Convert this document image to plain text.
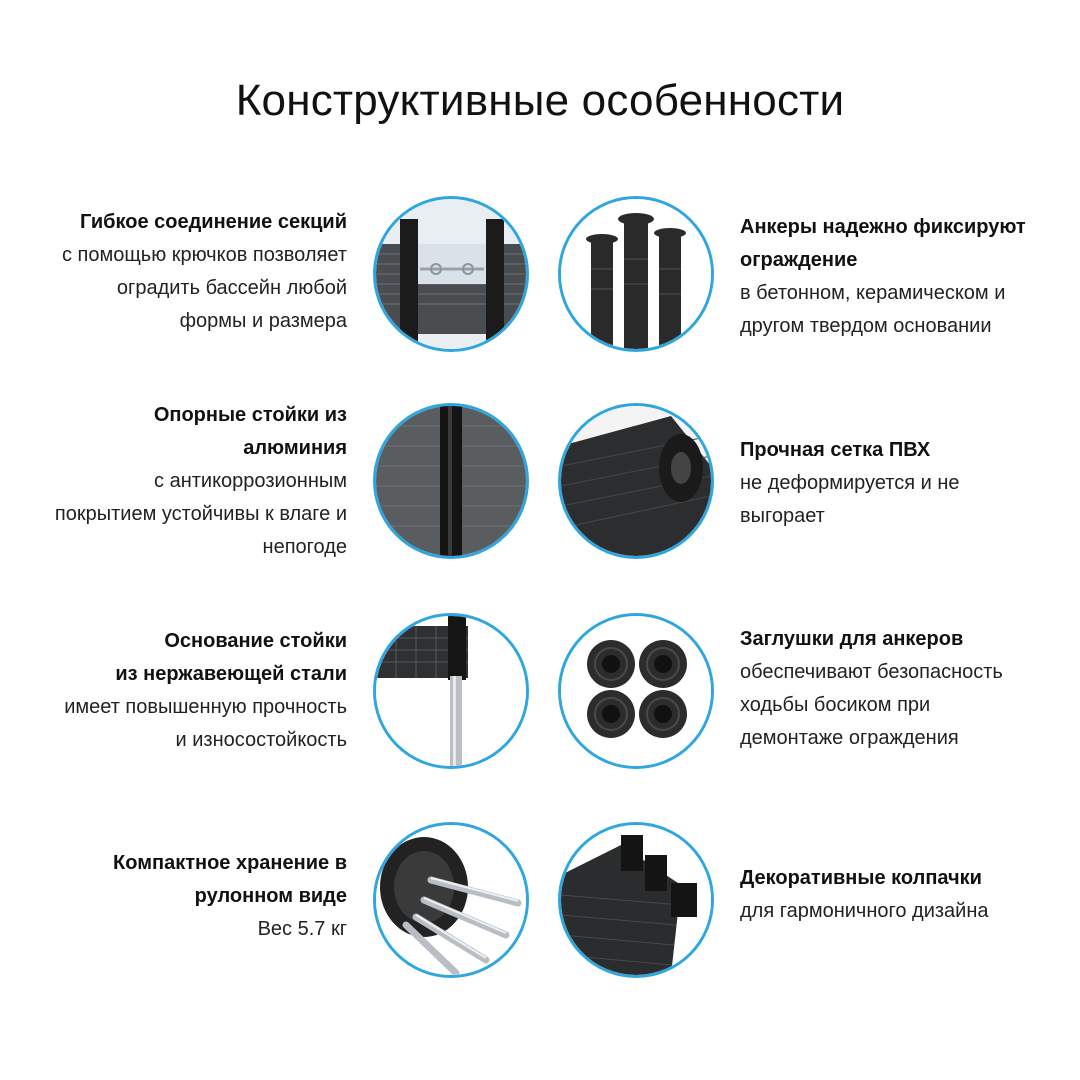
Конструктивные особенности
Гибкое соединение секций
с помощью крючков позволяет
оградить бассейн любой
формы и размера
Анкеры надежно фиксируют
ограждение
в бетонном, керамическом и
другом твердом основании
Опорные стойки из
алюминия
с антикоррозионным
покрытием устойчивы к влаге и
непогоде
Прочная сетка ПВХ
не деформируется и не
выгорает
Основание стойки
из нержавеющей стали
имеет повышенную прочность
и износостойкость
Заглушки для анкеров
обеспечивают безопасность
ходьбы босиком при
демонтаже ограждения
Компактное хранение в
рулонном виде
Вес 5.7 кг
Декоративные колпачки
для гармоничного дизайна
